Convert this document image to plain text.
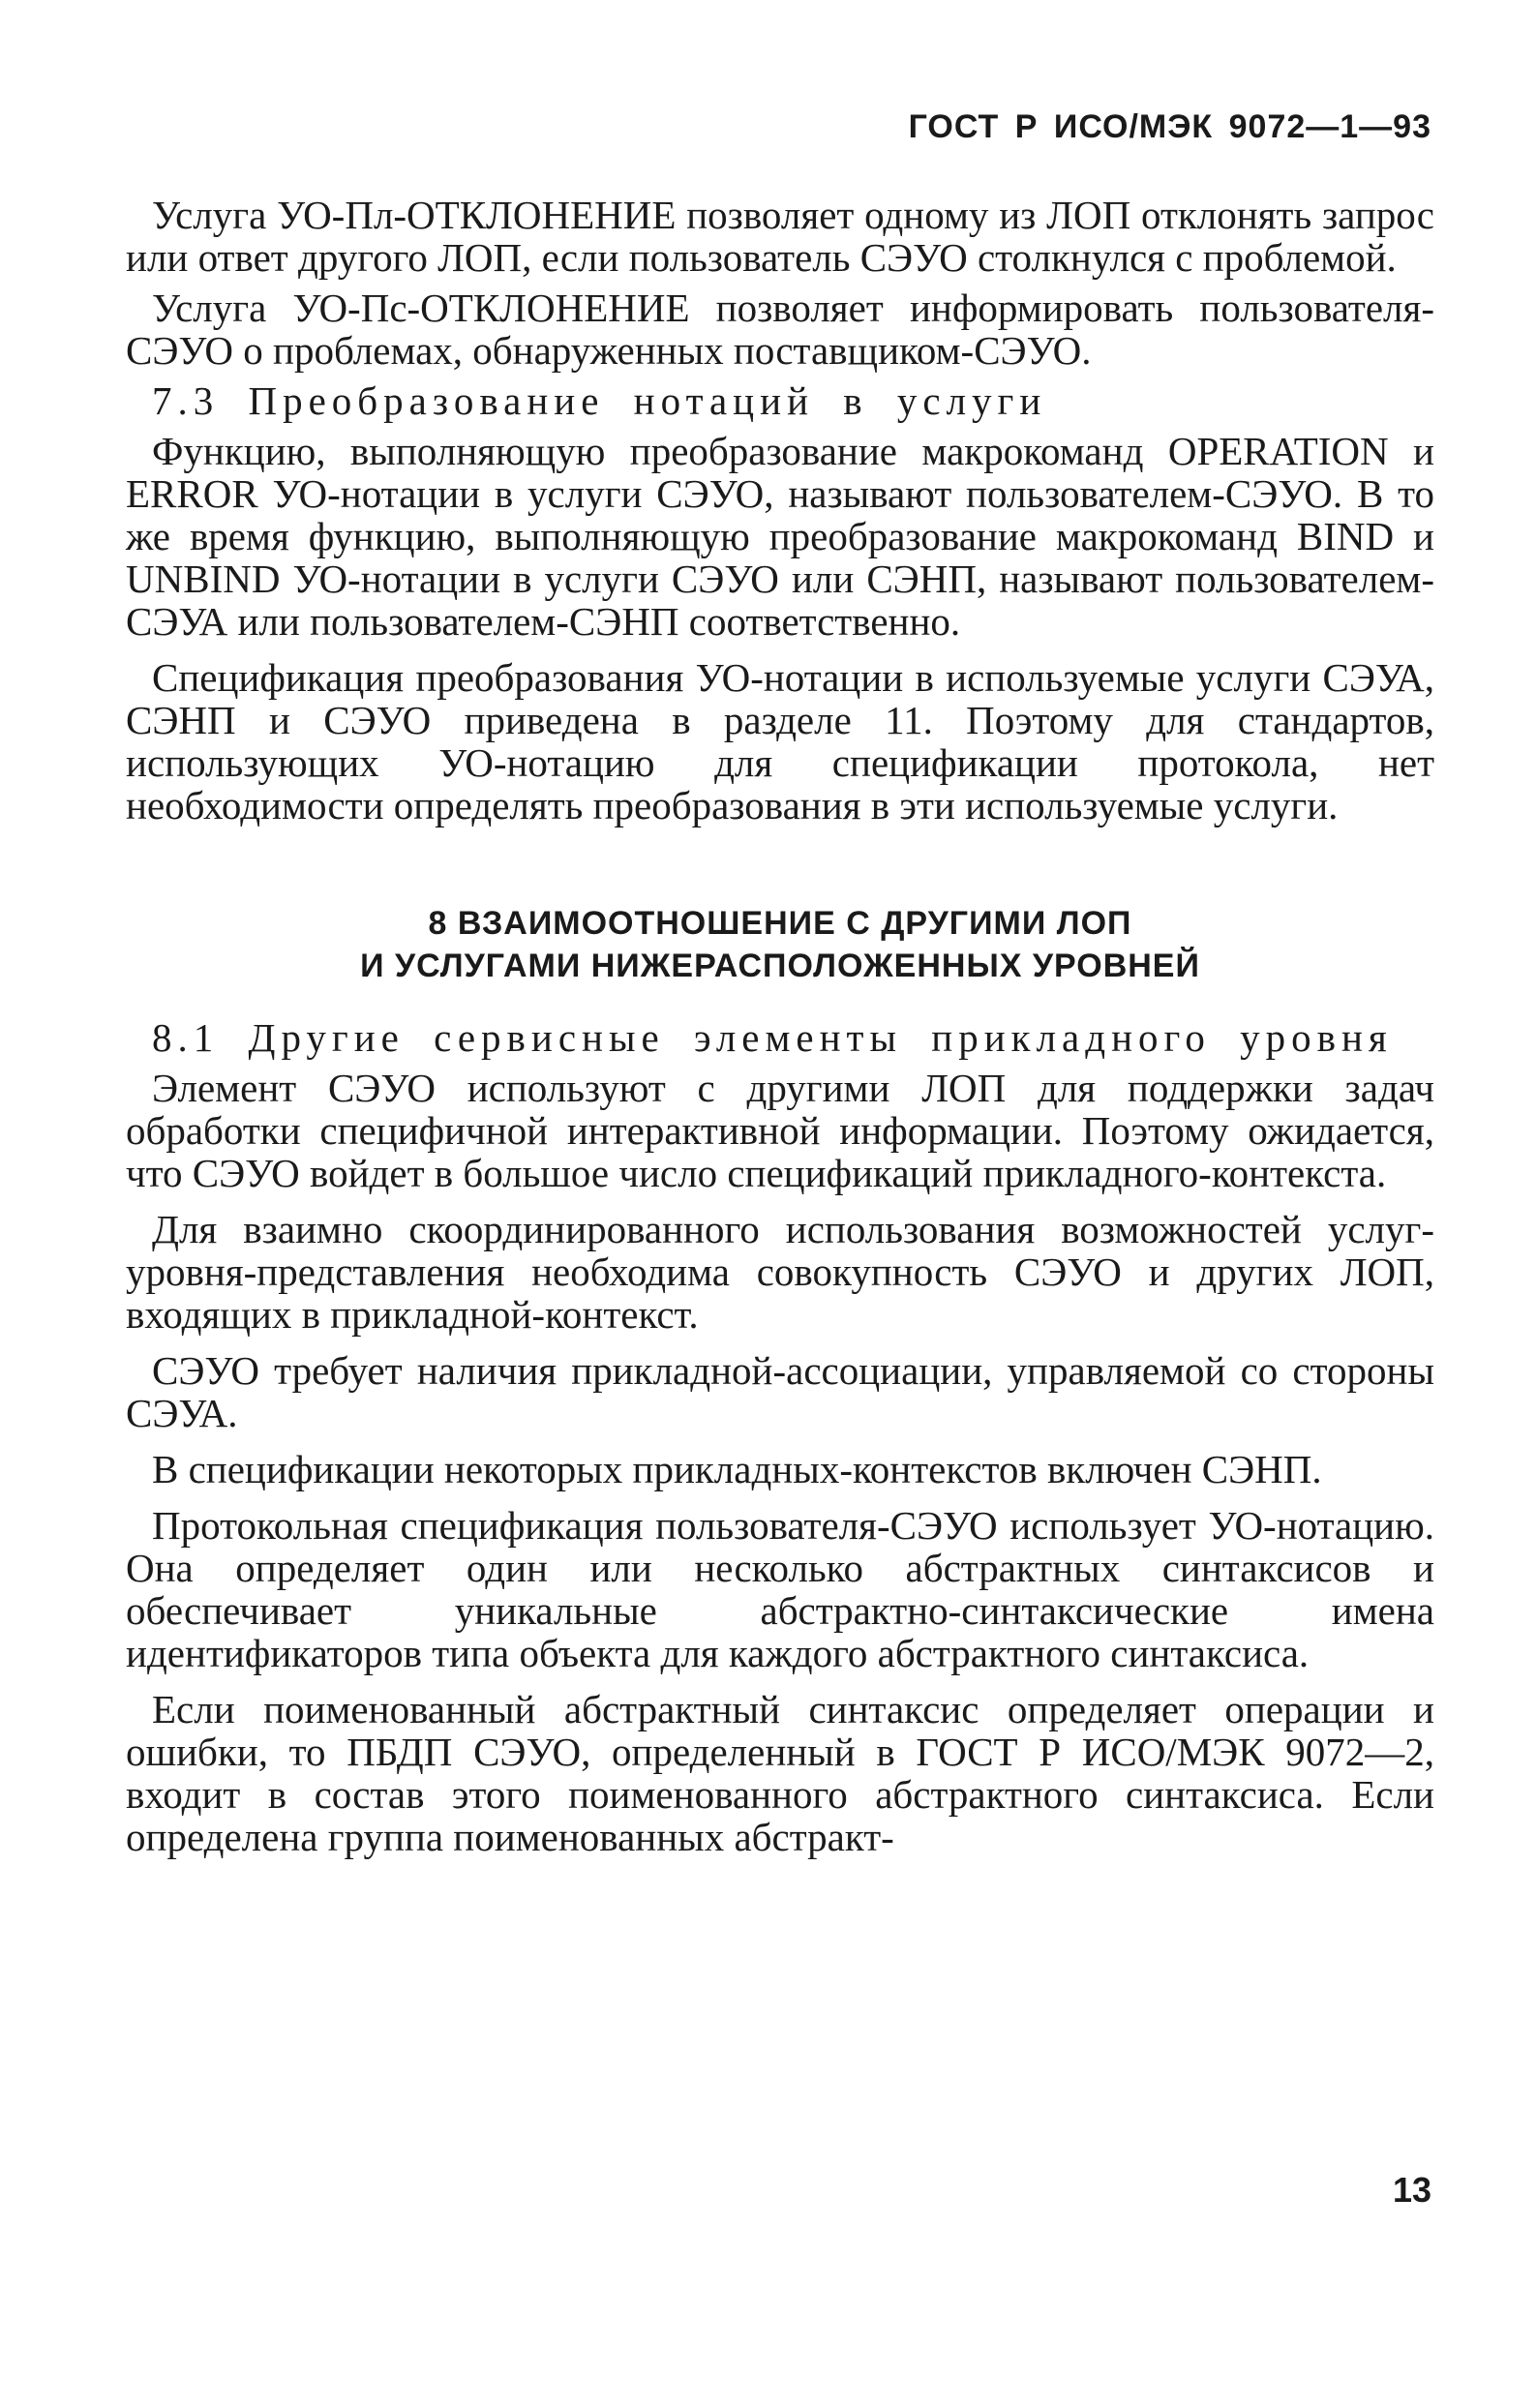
ГОСТ Р ИСО/МЭК 9072—1—93

Услуга УО-Пл-ОТКЛОНЕНИЕ позволяет одному из ЛОП отклонять запрос или ответ другого ЛОП, если пользователь СЭУО столкнулся с проблемой.

Услуга УО-Пс-ОТКЛОНЕНИЕ позволяет информировать пользователя-СЭУО о проблемах, обнаруженных поставщиком-СЭУО.

7.3 Преобразование нотаций в услуги

Функцию, выполняющую преобразование макрокоманд OPERATION и ERROR УО-нотации в услуги СЭУО, называют пользователем-СЭУО. В то же время функцию, выполняющую преобразование макрокоманд BIND и UNBIND УО-нотации в услуги СЭУО или СЭНП, называют пользователем-СЭУА или пользователем-СЭНП соответственно.

Спецификация преобразования УО-нотации в используемые услуги СЭУА, СЭНП и СЭУО приведена в разделе 11. Поэтому для стандартов, использующих УО-нотацию для спецификации протокола, нет необходимости определять преобразования в эти используемые услуги.

8 ВЗАИМООТНОШЕНИЕ С ДРУГИМИ ЛОП
И УСЛУГАМИ НИЖЕРАСПОЛОЖЕННЫХ УРОВНЕЙ

8.1 Другие сервисные элементы прикладного уровня

Элемент СЭУО используют с другими ЛОП для поддержки задач обработки специфичной интерактивной информации. Поэтому ожидается, что СЭУО войдет в большое число спецификаций прикладного-контекста.

Для взаимно скоординированного использования возможностей услуг-уровня-представления необходима совокупность СЭУО и других ЛОП, входящих в прикладной-контекст.

СЭУО требует наличия прикладной-ассоциации, управляемой со стороны СЭУА.

В спецификации некоторых прикладных-контекстов включен СЭНП.

Протокольная спецификация пользователя-СЭУО использует УО-нотацию. Она определяет один или несколько абстрактных синтаксисов и обеспечивает уникальные абстрактно-синтаксические имена идентификаторов типа объекта для каждого абстрактного синтаксиса.

Если поименованный абстрактный синтаксис определяет операции и ошибки, то ПБДП СЭУО, определенный в ГОСТ Р ИСО/МЭК 9072—2, входит в состав этого поименованного абстрактного синтаксиса. Если определена группа поименованных абстракт-

13
